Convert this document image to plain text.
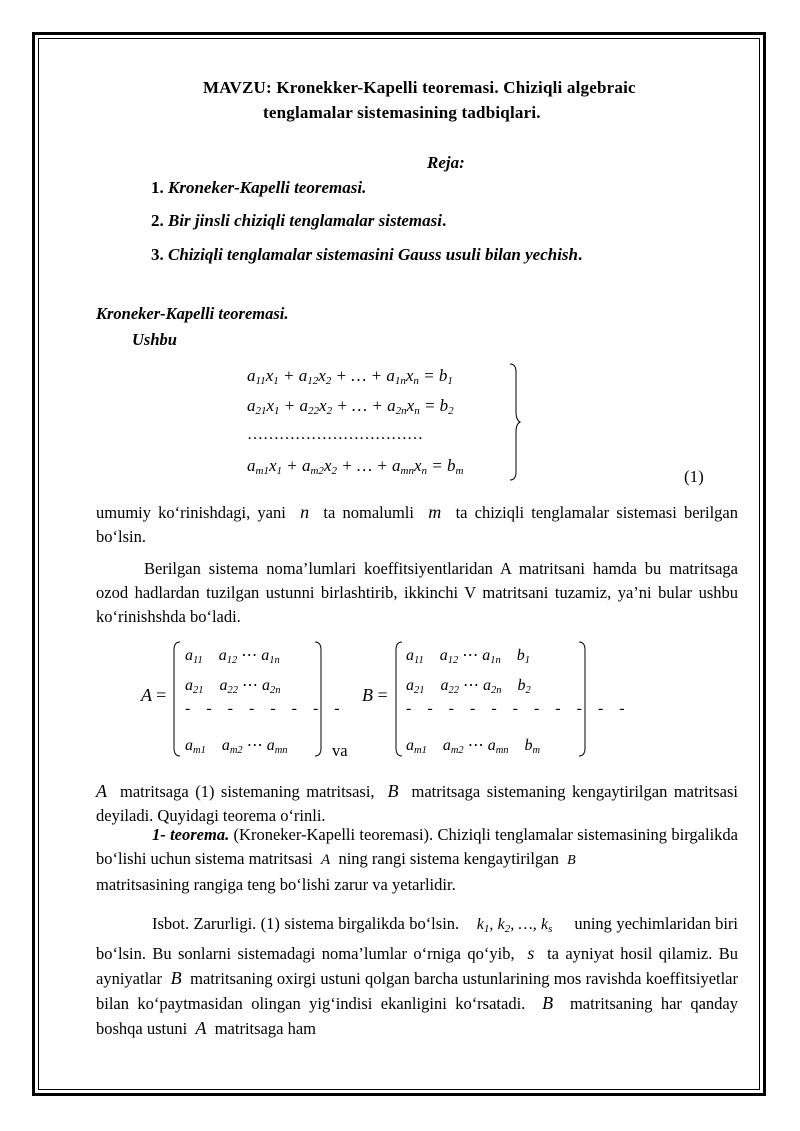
MAVZU: Kronekker-Kapelli teoremasi. Chiziqli algebraic
tenglamalar sistemasining tadbiqlari.
Reja:
1. Kroneker-Kapelli teoremasi.
2. Bir jinsli chiziqli tenglamalar sistemasi.
3. Chiziqli tenglamalar sistemasini Gauss usuli bilan yechish.
Kroneker-Kapelli teoremasi.
Ushbu
$a_{11}x_1 + a_{12}x_2$ + … + $a_{1n}x_n = b_1$
$a_{21}x_1 + a_{22}x_2$ + … + $a_{2n}x_n = b_2$
……………………………
$a_{m1}x_1 + a_{m2}x_2$ + … + $a_{mn}x_n = b_m$	(1)
umumiy ko‘rinishdagi, yani  n  ta nomalumli  m  ta chiziqli tenglamalar sistemasi berilgan bo‘lsin.
Berilgan sistema noma’lumlari koeffitsiyentlaridan A matritsani hamda bu matritsaga ozod hadlardan tuzilgan ustunni birlashtirib, ikkinchi V matritsani tuzamiz, ya’ni bular ushbu ko‘rinishshda bo‘ladi.
A =
$a_{11}$    $a_{12}$ ⋯ $a_{1n}$
$a_{21}$    $a_{22}$ ⋯ $a_{2n}$
- - - - - - - -
$a_{m1}$    $a_{m2}$ ⋯ $a_{mn}$	va
B =
$a_{11}$    $a_{12}$ ⋯ $a_{1n}$    $b_1$
$a_{21}$    $a_{22}$ ⋯ $a_{2n}$    $b_2$
- - - - - - - - - - -
$a_{m1}$    $a_{m2}$ ⋯ $a_{mn}$    $b_m$
A  matritsaga (1) sistemaning matritsasi,  B  matritsaga sistemaning kengaytirilgan matritsasi deyiladi. Quyidagi teorema o‘rinli.
1- teorema. (Kroneker-Kapelli teoremasi). Chiziqli tenglamalar sistemasining birgalikda bo‘lishi uchun sistema matritsasi  A  ning rangi sistema kengaytirilgan  B
matritsasining rangiga teng bo‘lishi zarur va yetarlidir.
Isbot. Zarurligi. (1) sistema birgalikda bo‘lsin.    $k_1$, $k_2$, …, $k_s$     uning yechimlaridan biri bo‘lsin. Bu sonlarni sistemadagi noma’lumlar o‘rniga qo‘yib,  s  ta ayniyat hosil qilamiz. Bu ayniyatlar  B  matritsaning oxirgi ustuni qolgan barcha ustunlarining mos ravishda koeffitsiyetlar bilan ko‘paytmasidan olingan yig‘indisi ekanligini ko‘rsatadi.  B  matritsaning har qanday boshqa ustuni  A  matritsaga ham
